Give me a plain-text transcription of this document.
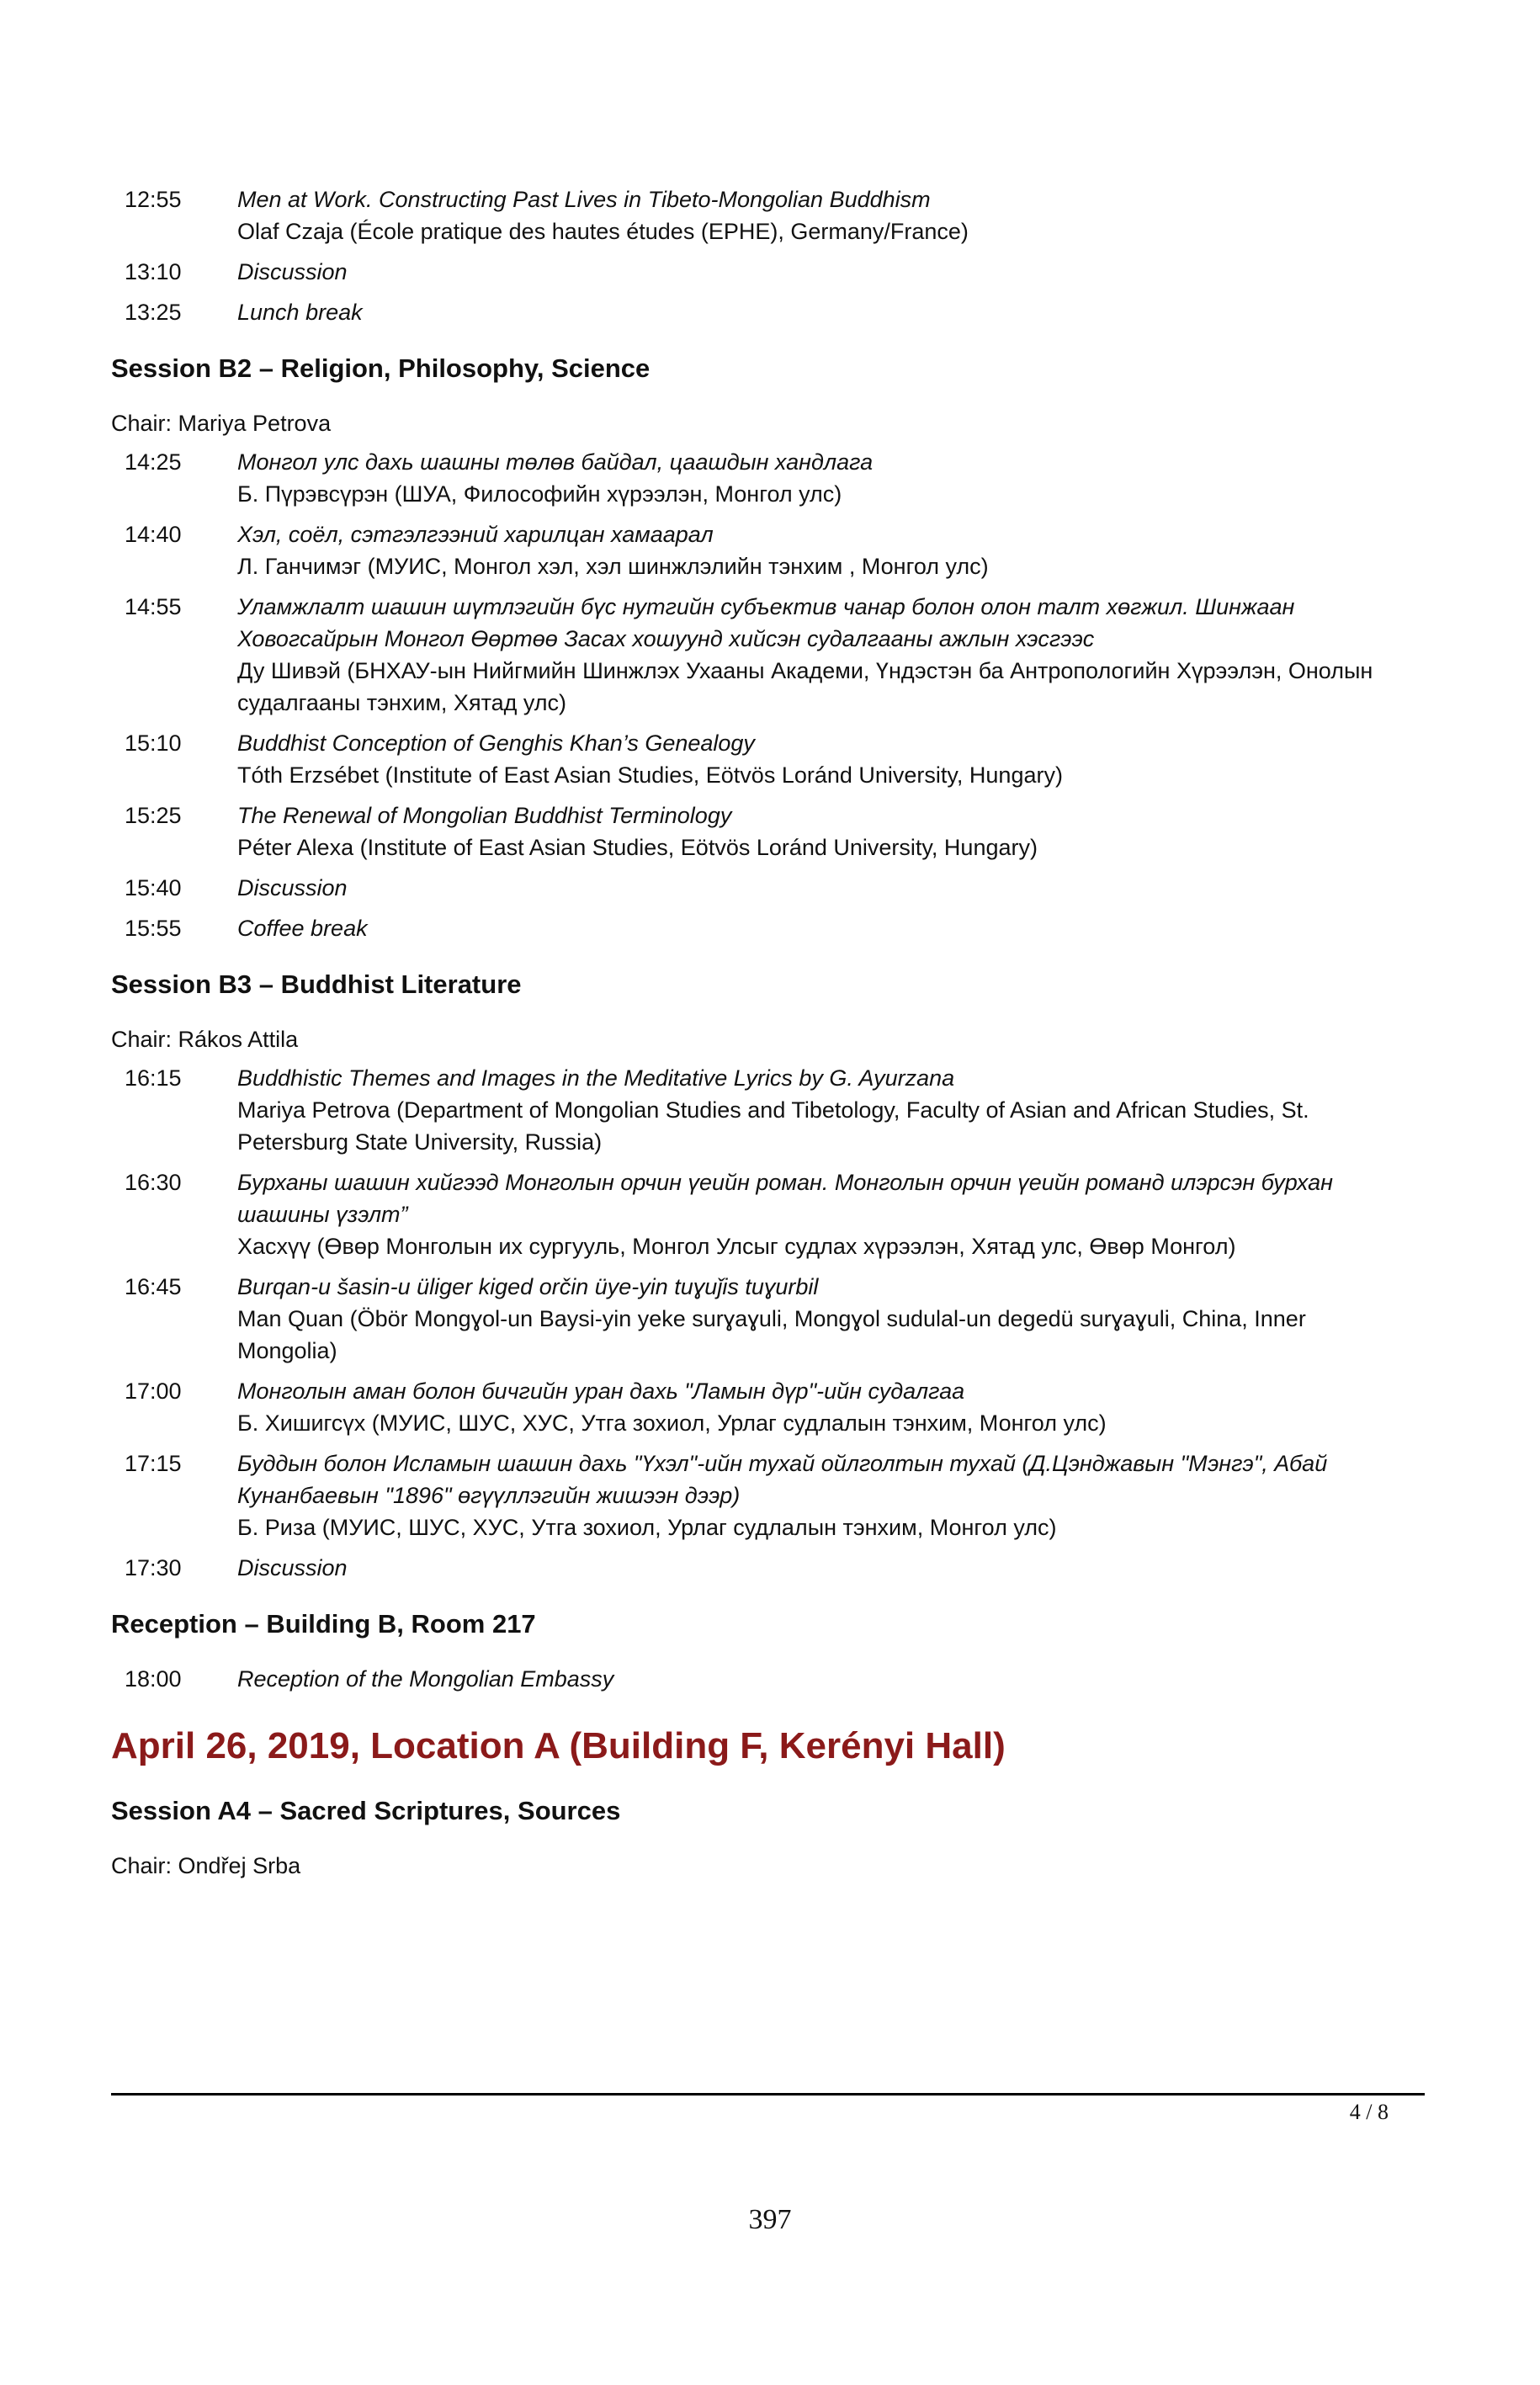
12:55	Men at Work. Constructing Past Lives in Tibeto-Mongolian Buddhism
Olaf Czaja (École pratique des hautes études (EPHE), Germany/France)
13:10	Discussion
13:25	Lunch break
Session B2 – Religion, Philosophy, Science
Chair: Mariya Petrova
14:25	Монгол улс дахь шашны төлөв байдал, цаашдын хандлага
Б. Пүрэвсүрэн (ШУА, Философийн хүрээлэн, Монгол улс)
14:40	Хэл, соёл, сэтгэлгээний харилцан хамаарал
Л. Ганчимэг (МУИС, Монгол хэл, хэл шинжлэлийн тэнхим , Монгол улс)
14:55	Уламжлалт шашин шүтлэгийн бүс нутгийн субъектив чанар болон олон талт хөгжил. Шинжаан Ховогсайрын Монгол Өөртөө Засах хошуунд хийсэн судалгааны ажлын хэсгээс
Ду Шивэй (БНХАУ-ын Нийгмийн Шинжлэх Ухааны Академи, Үндэстэн ба Антропологийн Хүрээлэн, Онолын судалгааны тэнхим, Хятад улс)
15:10	Buddhist Conception of Genghis Khan’s Genealogy
Tóth Erzsébet (Institute of East Asian Studies, Eötvös Loránd University, Hungary)
15:25	The Renewal of Mongolian Buddhist Terminology
Péter Alexa (Institute of East Asian Studies, Eötvös Loránd University, Hungary)
15:40	Discussion
15:55	Coffee break
Session B3 – Buddhist Literature
Chair: Rákos Attila
16:15	Buddhistic Themes and Images in the Meditative Lyrics by G. Ayurzana
Mariya Petrova (Department of Mongolian Studies and Tibetology, Faculty of Asian and African Studies, St. Petersburg State University, Russia)
16:30	Бурханы шашин хийгээд Монголын орчин үеийн роман. Монголын орчин үеийн романд илэрсэн бурхан шашины үзэлт”
Хасхүү (Өвөр Монголын их сургууль, Монгол Улсыг судлах хүрээлэн, Хятад улс, Өвөр Монгол)
16:45	Burqan-u šasin-u üliger kiged orčin üye-yin tuɣuǰis tuɣurbil
Man Quan (Öbör Mongɣol-un Baysi-yin yeke surɣaɣuli, Mongɣol sudulal-un degedü surɣaɣuli, China, Inner Mongolia)
17:00	Монголын аман болон бичгийн уран дахь "Ламын дүр"-ийн судалгаа
Б. Хишигсүх (МУИС, ШУС, ХУС, Утга зохиол, Урлаг судлалын тэнхим, Монгол улс)
17:15	Буддын болон Исламын шашин дахь "Үхэл"-ийн тухай ойлголтын тухай (Д.Цэнджавын "Мэнгэ", Абай Кунанбаевын "1896" өгүүллэгийн жишээн дээр)
Б. Риза (МУИС, ШУС, ХУС, Утга зохиол, Урлаг судлалын тэнхим, Монгол улс)
17:30	Discussion
Reception – Building B, Room 217
18:00	Reception of the Mongolian Embassy
April 26, 2019, Location A (Building F, Kerényi Hall)
Session A4 – Sacred Scriptures, Sources
Chair: Ondřej Srba
4 / 8
397
